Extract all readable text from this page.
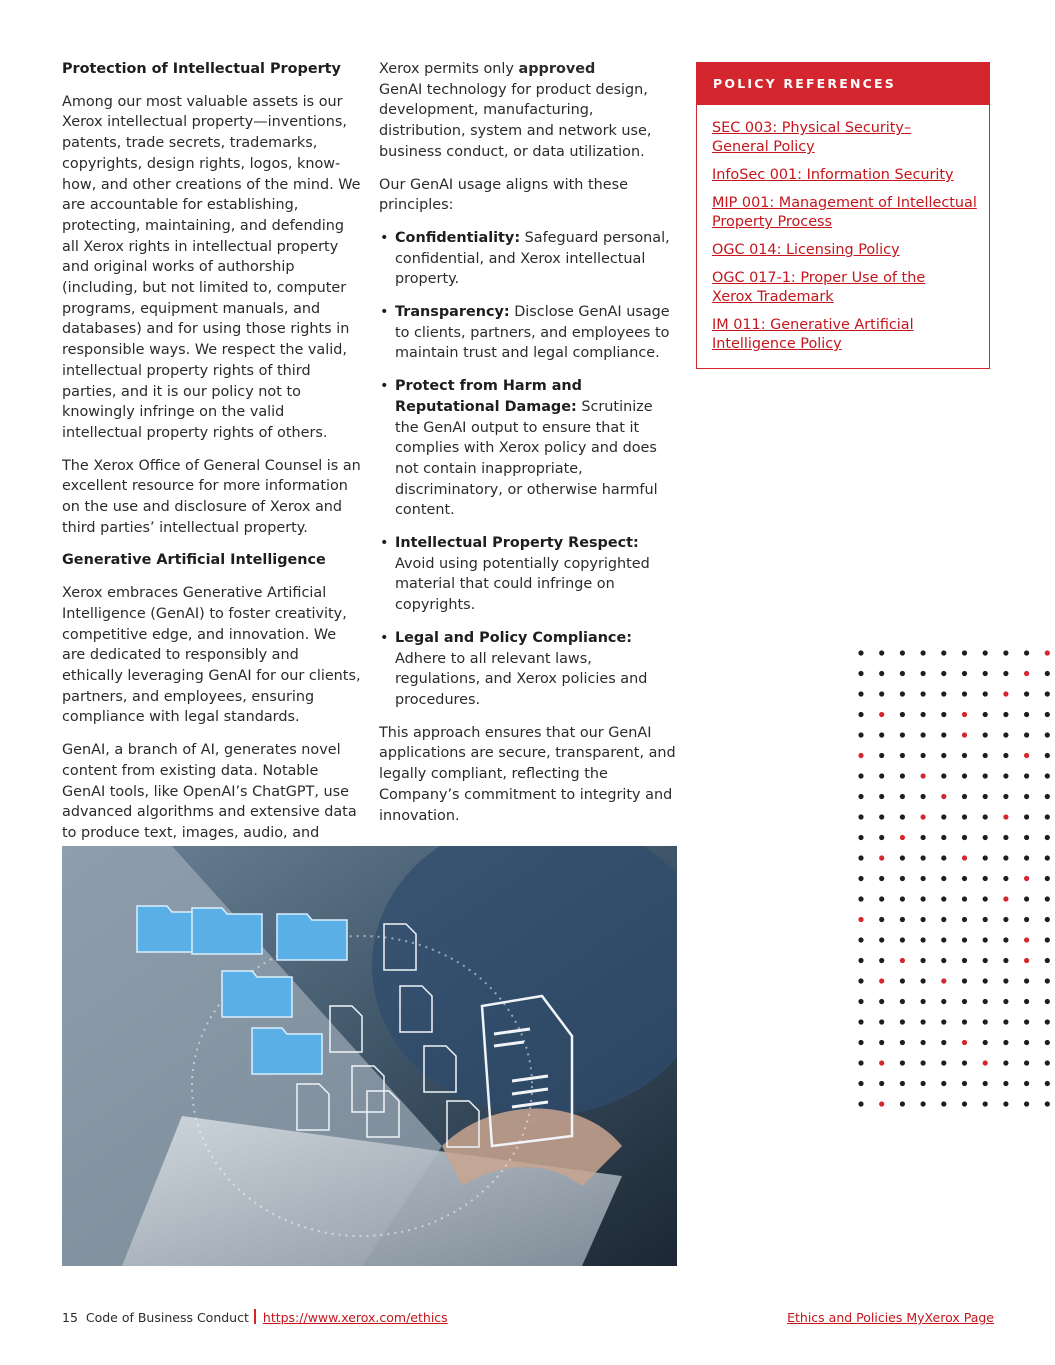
Protection of Intellectual Property

Among our most valuable assets is our Xerox intellectual property—inventions, patents, trade secrets, trademarks, copyrights, design rights, logos, know-how, and other creations of the mind. We are accountable for establishing, protecting, maintaining, and defending all Xerox rights in intellectual property and original works of authorship (including, but not limited to, computer programs, equipment manuals, and databases) and for using those rights in responsible ways. We respect the valid, intellectual property rights of third parties, and it is our policy not to knowingly infringe on the valid intellectual property rights of others.

The Xerox Office of General Counsel is an excellent resource for more information on the use and disclosure of Xerox and third parties’ intellectual property.

Generative Artificial Intelligence

Xerox embraces Generative Artificial Intelligence (GenAI) to foster creativity, competitive edge, and innovation. We are dedicated to responsibly and ethically leveraging GenAI for our clients, partners, and employees, ensuring compliance with legal standards.

GenAI, a branch of AI, generates novel content from existing data. Notable GenAI tools, like OpenAI’s ChatGPT, use advanced algorithms and extensive data to produce text, images, audio, and

Xerox permits only approved
GenAI technology for product design, development, manufacturing, distribution, system and network use, business conduct, or data utilization.

Our GenAI usage aligns with these principles:

• Confidentiality: Safeguard personal, confidential, and Xerox intellectual property.
• Transparency: Disclose GenAI usage to clients, partners, and employees to maintain trust and legal compliance.
• Protect from Harm and Reputational Damage: Scrutinize the GenAI output to ensure that it complies with Xerox policy and does not contain inappropriate, discriminatory, or otherwise harmful content.
• Intellectual Property Respect: Avoid using potentially copyrighted material that could infringe on copyrights.
• Legal and Policy Compliance: Adhere to all relevant laws, regulations, and Xerox policies and procedures.

This approach ensures that our GenAI applications are secure, transparent, and legally compliant, reflecting the Company’s commitment to integrity and innovation.

POLICY REFERENCES
SEC 003: Physical Security–
General Policy
InfoSec 001: Information Security
MIP 001: Management of Intellectual
Property Process
OGC 014: Licensing Policy
OGC 017-1: Proper Use of the
Xerox Trademark
IM 011: Generative Artificial
Intelligence Policy
15 Code of Business Conduct https://www.xerox.com/ethics	Ethics and Policies MyXerox Page
